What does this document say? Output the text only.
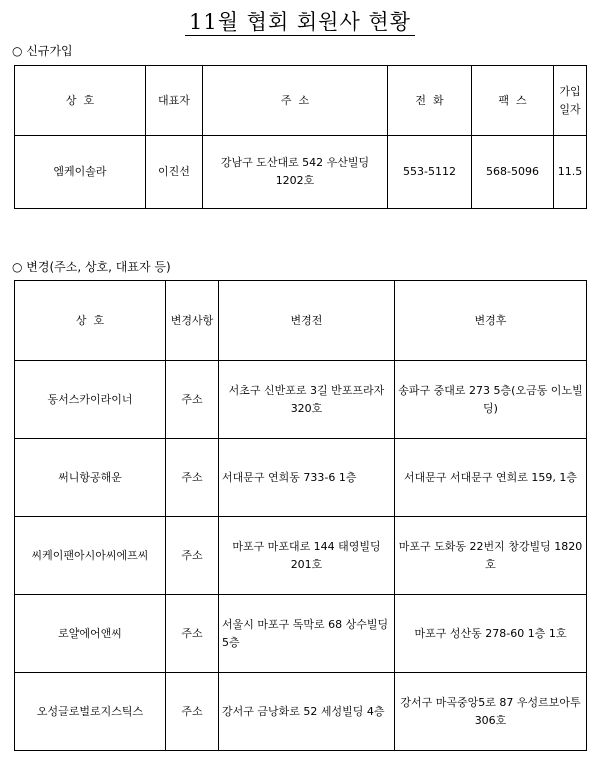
11월 협회 회원사 현황
○ 신규가입
상  호	대표자	주  소	전  화	팩  스	가입
일자
엠케이솔라	이진선	강남구 도산대로 542 우산빌딩 1202호	553-5112	568-5096	11.5
○ 변경(주소, 상호, 대표자 등)
상  호	변경사항	변경전	변경후
동서스카이라이너	주소	서초구 신반포로 3길 반포프라자 320호	송파구 중대로 273 5층(오금동 이노빌딩)
써니항공해운	주소	서대문구 연희동 733-6 1층	서대문구 서대문구 연희로 159, 1층
씨케이팬아시아씨에프씨	주소	마포구 마포대로 144 태영빌딩 201호	마포구 도화동 22번지 창강빌딩 1820호
로얄에어앤씨	주소	서울시 마포구 독막로 68 상수빌딩 5층	마포구 성산동 278-60 1층 1호
오성글로벌로지스틱스	주소	강서구 금낭화로 52 세성빌딩 4층	강서구 마곡중앙5로 87 우성르보아투 306호
